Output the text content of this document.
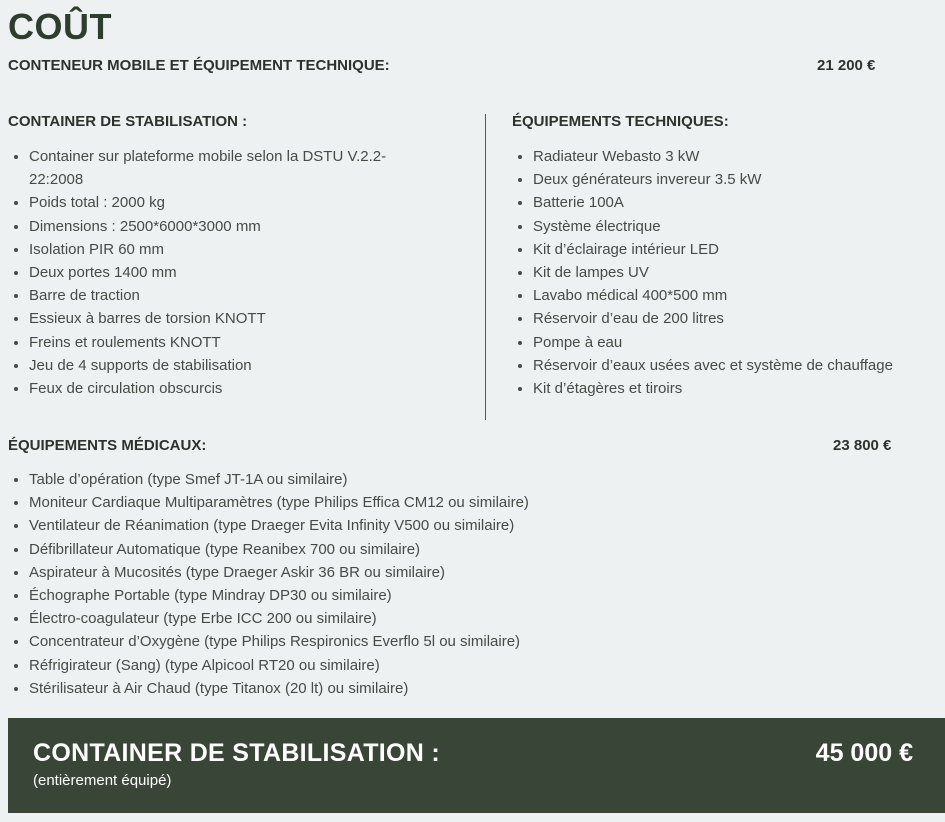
COÛT
CONTENEUR MOBILE ET ÉQUIPEMENT TECHNIQUE:	21 200 €
CONTAINER DE STABILISATION :
• Container sur plateforme mobile selon la DSTU V.2.2-22:2008
• Poids total : 2000 kg
• Dimensions : 2500*6000*3000 mm
• Isolation PIR 60 mm
• Deux portes 1400 mm
• Barre de traction
• Essieux à barres de torsion KNOTT
• Freins et roulements KNOTT
• Jeu de 4 supports de stabilisation
• Feux de circulation obscurcis
ÉQUIPEMENTS TECHNIQUES:
• Radiateur Webasto 3 kW
• Deux générateurs invereur 3.5 kW
• Batterie 100A
• Système électrique
• Kit d’éclairage intérieur LED
• Kit de lampes UV
• Lavabo médical 400*500 mm
• Réservoir d’eau de 200 litres
• Pompe à eau
• Réservoir d’eaux usées avec et système de chauffage
• Kit d’étagères et tiroirs
ÉQUIPEMENTS MÉDICAUX:	23 800 €
• Table d’opération (type Smef JT-1A ou similaire)
• Moniteur Cardiaque Multiparamètres (type Philips Effica CM12 ou similaire)
• Ventilateur de Réanimation (type Draeger Evita Infinity V500 ou similaire)
• Défibrillateur Automatique (type Reanibex 700 ou similaire)
• Aspirateur à Mucosités (type Draeger Askir 36 BR ou similaire)
• Échographe Portable (type Mindray DP30 ou similaire)
• Électro-coagulateur (type Erbe ICC 200 ou similaire)
• Concentrateur d’Oxygène (type Philips Respironics Everflo 5l ou similaire)
• Réfrigirateur (Sang) (type Alpicool RT20 ou similaire)
• Stérilisateur à Air Chaud (type Titanox (20 lt) ou similaire)
CONTAINER DE STABILISATION :
(entièrement équipé)
45 000 €
